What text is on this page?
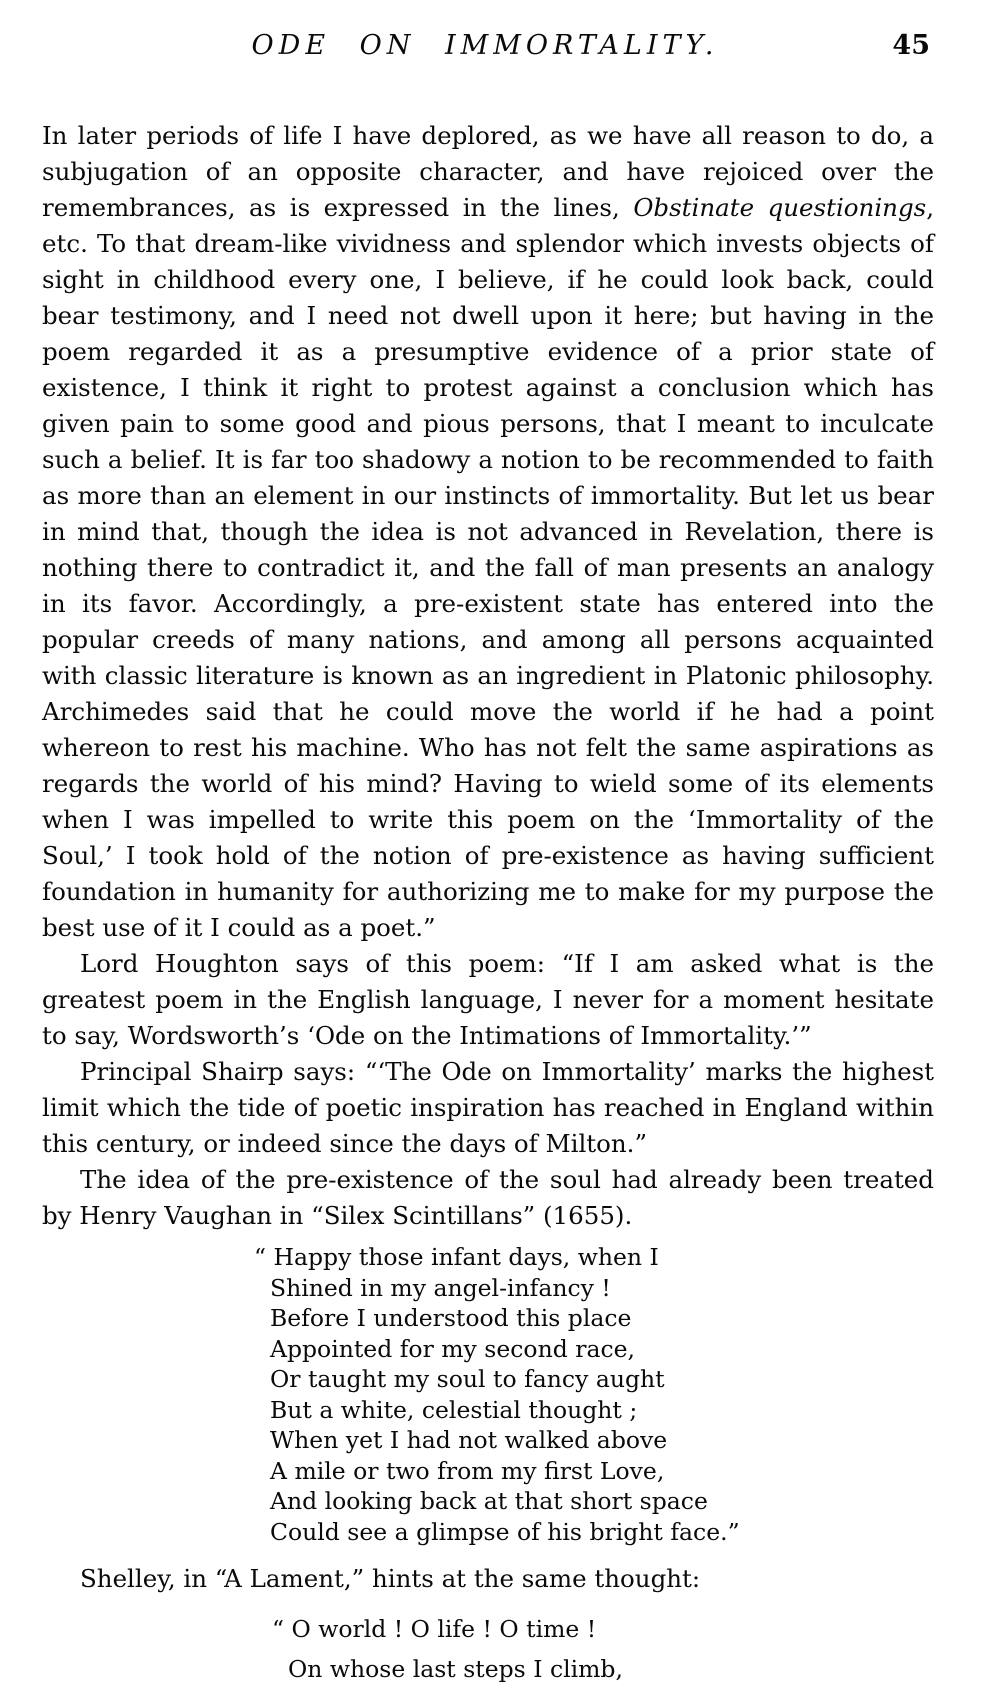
ODE ON IMMORTALITY.	45

In later periods of life I have deplored, as we have all reason to do, a subjugation of an opposite character, and have rejoiced over the remembrances, as is expressed in the lines, Obstinate questionings, etc. To that dream-like vividness and splendor which invests objects of sight in childhood every one, I believe, if he could look back, could bear testimony, and I need not dwell upon it here; but having in the poem regarded it as a presumptive evidence of a prior state of existence, I think it right to protest against a conclusion which has given pain to some good and pious persons, that I meant to inculcate such a belief. It is far too shadowy a notion to be recommended to faith as more than an element in our instincts of immortality. But let us bear in mind that, though the idea is not advanced in Revelation, there is nothing there to contradict it, and the fall of man presents an analogy in its favor. Accordingly, a pre-existent state has entered into the popular creeds of many nations, and among all persons acquainted with classic literature is known as an ingredient in Platonic philosophy. Archimedes said that he could move the world if he had a point whereon to rest his machine. Who has not felt the same aspirations as regards the world of his mind? Having to wield some of its elements when I was impelled to write this poem on the ‘Immortality of the Soul,’ I took hold of the notion of pre-existence as having sufficient foundation in humanity for authorizing me to make for my purpose the best use of it I could as a poet.”

Lord Houghton says of this poem: “If I am asked what is the greatest poem in the English language, I never for a moment hesitate to say, Wordsworth’s ‘Ode on the Intimations of Immortality.’”

Principal Shairp says: “‘The Ode on Immortality’ marks the highest limit which the tide of poetic inspiration has reached in England within this century, or indeed since the days of Milton.”

The idea of the pre-existence of the soul had already been treated by Henry Vaughan in “Silex Scintillans” (1655).

“ Happy those infant days, when I
Shined in my angel-infancy !
Before I understood this place
Appointed for my second race,
Or taught my soul to fancy aught
But a white, celestial thought ;
When yet I had not walked above
A mile or two from my first Love,
And looking back at that short space
Could see a glimpse of his bright face.”

Shelley, in “A Lament,” hints at the same thought:

“ O world ! O life ! O time !
On whose last steps I climb,
